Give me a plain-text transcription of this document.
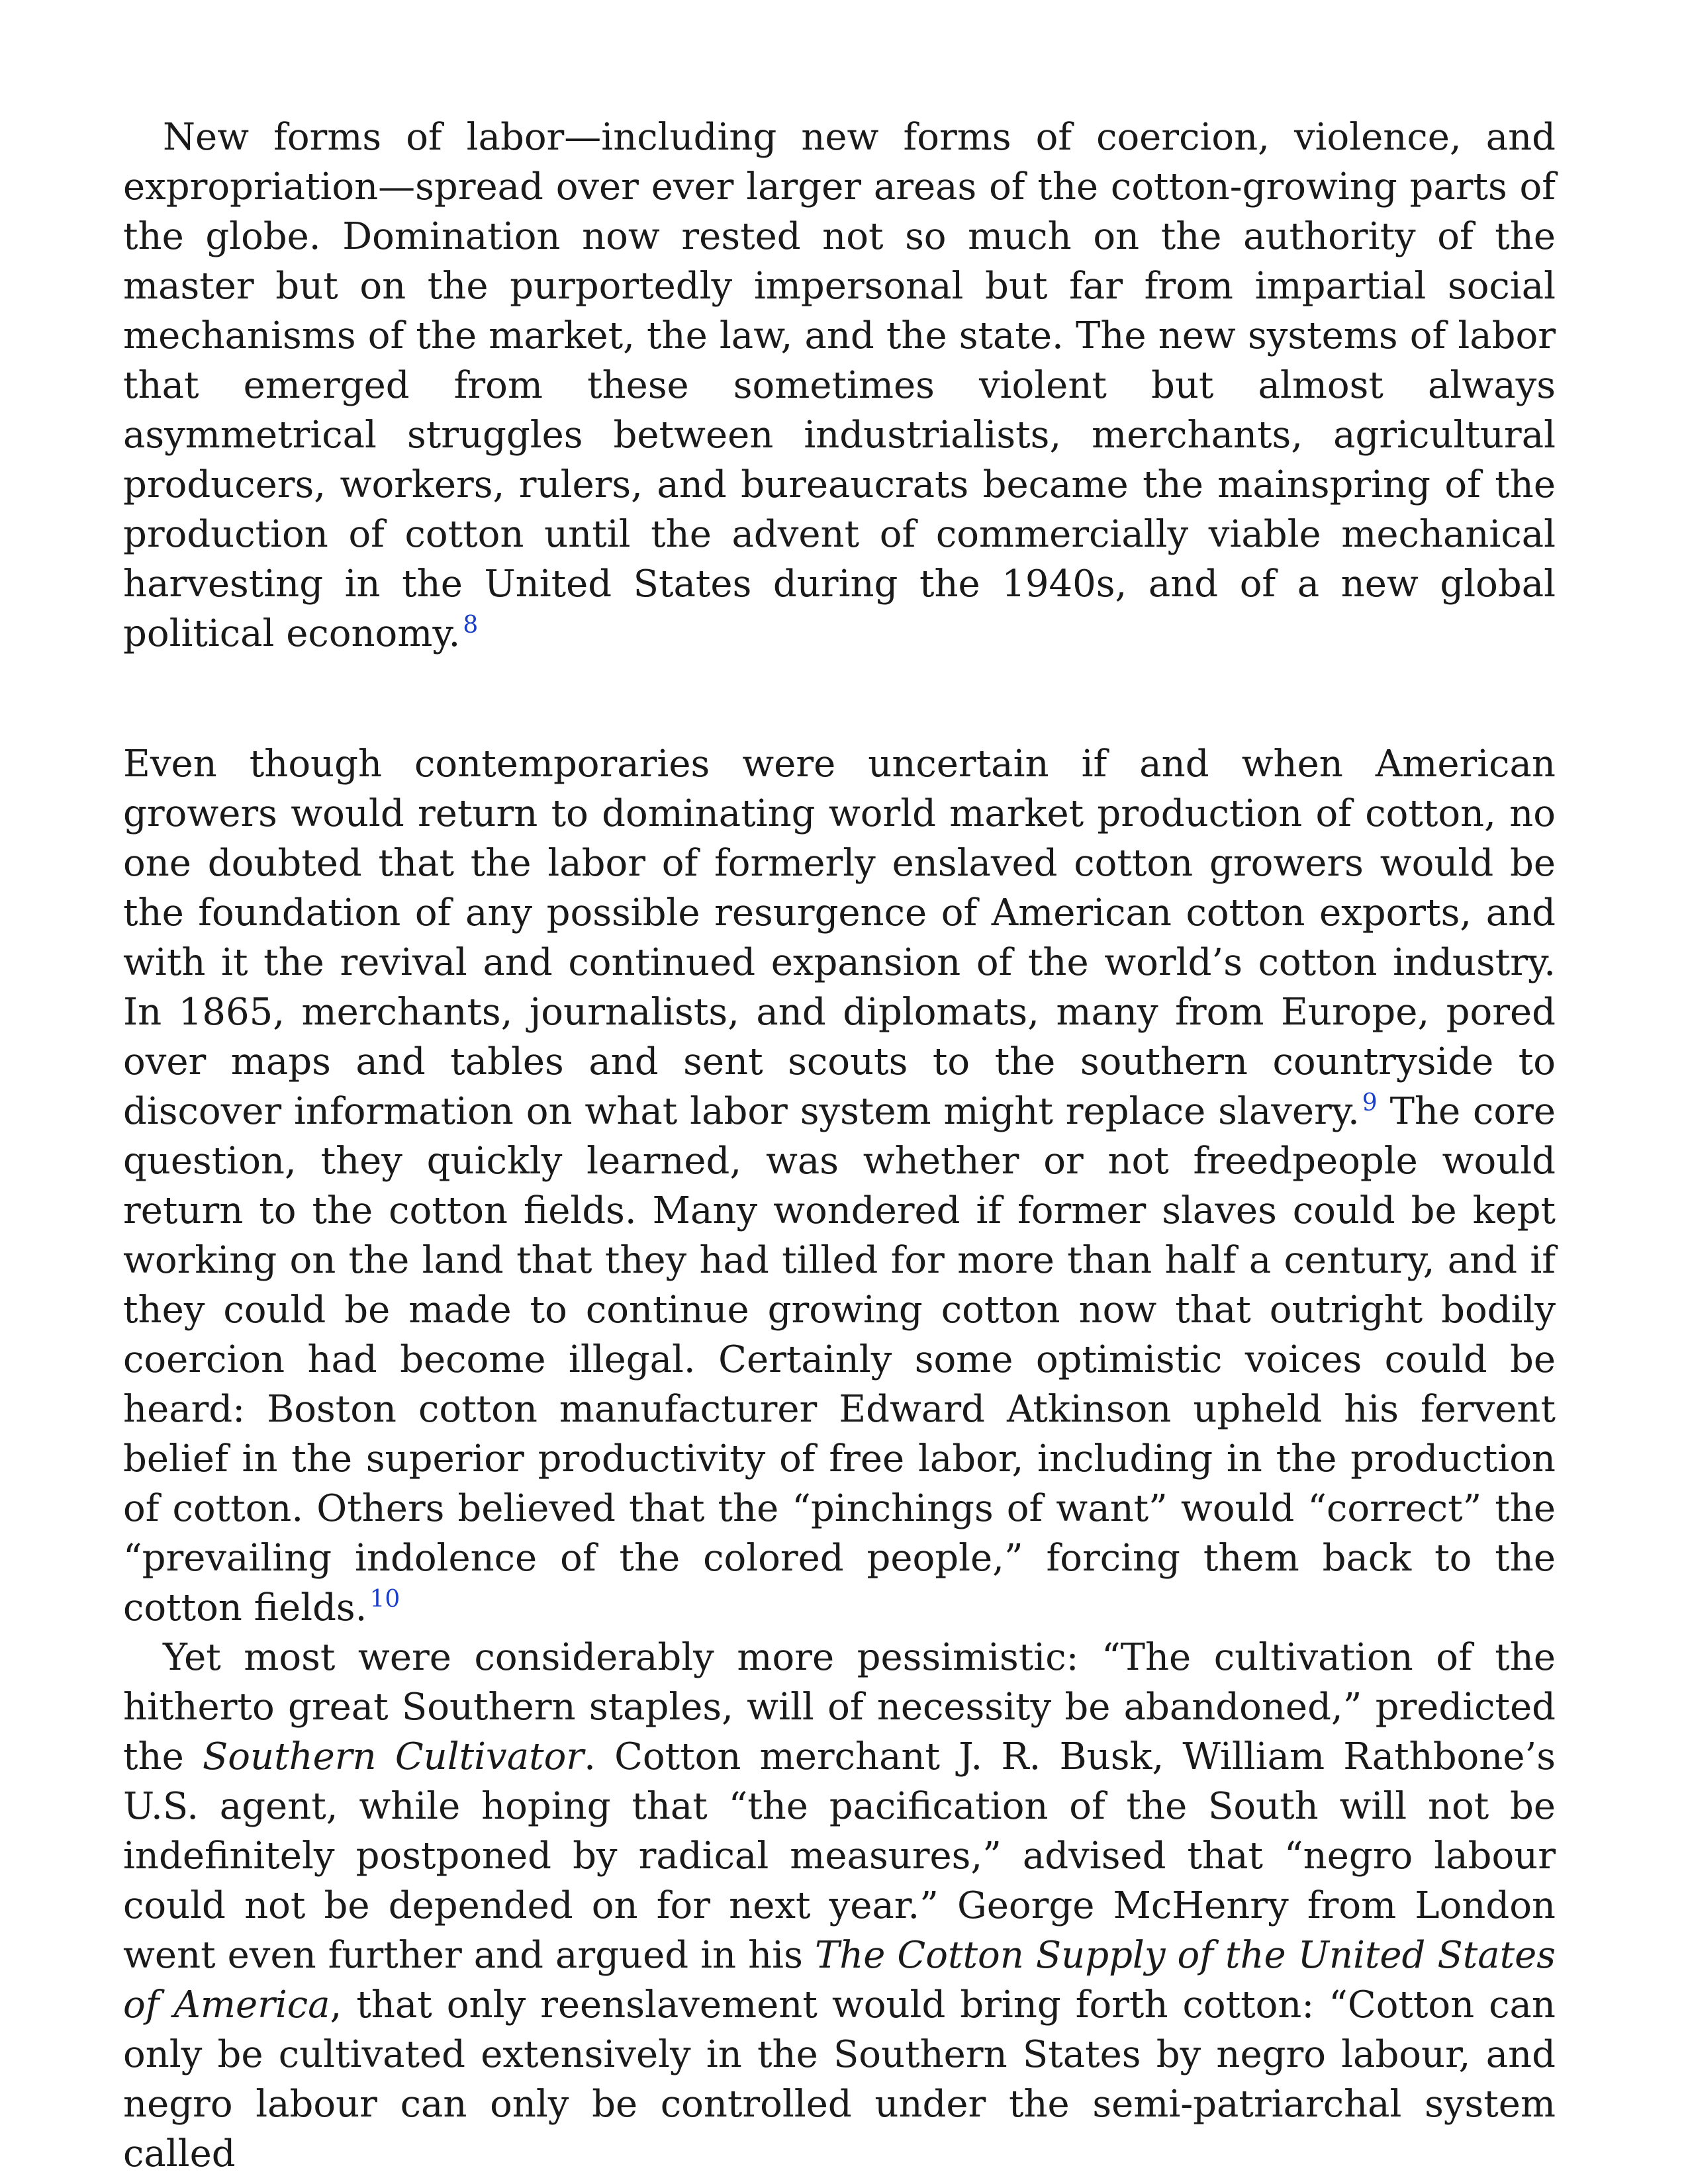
New forms of labor—including new forms of coercion, violence, and expropriation—spread over ever larger areas of the cotton-growing parts of the globe. Domination now rested not so much on the authority of the master but on the purportedly impersonal but far from impartial social mechanisms of the market, the law, and the state. The new systems of labor that emerged from these sometimes violent but almost always asymmetrical struggles between industrialists, merchants, agricultural producers, workers, rulers, and bureaucrats became the mainspring of the production of cotton until the advent of commercially viable mechanical harvesting in the United States during the 1940s, and of a new global political economy. $^8$

Even though contemporaries were uncertain if and when American growers would return to dominating world market production of cotton, no one doubted that the labor of formerly enslaved cotton growers would be the foundation of any possible resurgence of American cotton exports, and with it the revival and continued expansion of the world’s cotton industry. In 1865, merchants, journalists, and diplomats, many from Europe, pored over maps and tables and sent scouts to the southern countryside to discover information on what labor system might replace slavery. $^9$ The core question, they quickly learned, was whether or not freedpeople would return to the cotton fields. Many wondered if former slaves could be kept working on the land that they had tilled for more than half a century, and if they could be made to continue growing cotton now that outright bodily coercion had become illegal. Certainly some optimistic voices could be heard: Boston cotton manufacturer Edward Atkinson upheld his fervent belief in the superior productivity of free labor, including in the production of cotton. Others believed that the “pinchings of want” would “correct” the “prevailing indolence of the colored people,” forcing them back to the cotton fields. $^{10}$

Yet most were considerably more pessimistic: “The cultivation of the hitherto great Southern staples, will of necessity be abandoned,” predicted the Southern Cultivator. Cotton merchant J. R. Busk, William Rathbone’s U.S. agent, while hoping that “the pacification of the South will not be indefinitely postponed by radical measures,” advised that “negro labour could not be depended on for next year.” George McHenry from London went even further and argued in his The Cotton Supply of the United States of America, that only reenslavement would bring forth cotton: “Cotton can only be cultivated extensively in the Southern States by negro labour, and negro labour can only be controlled under the semi-patriarchal system called
